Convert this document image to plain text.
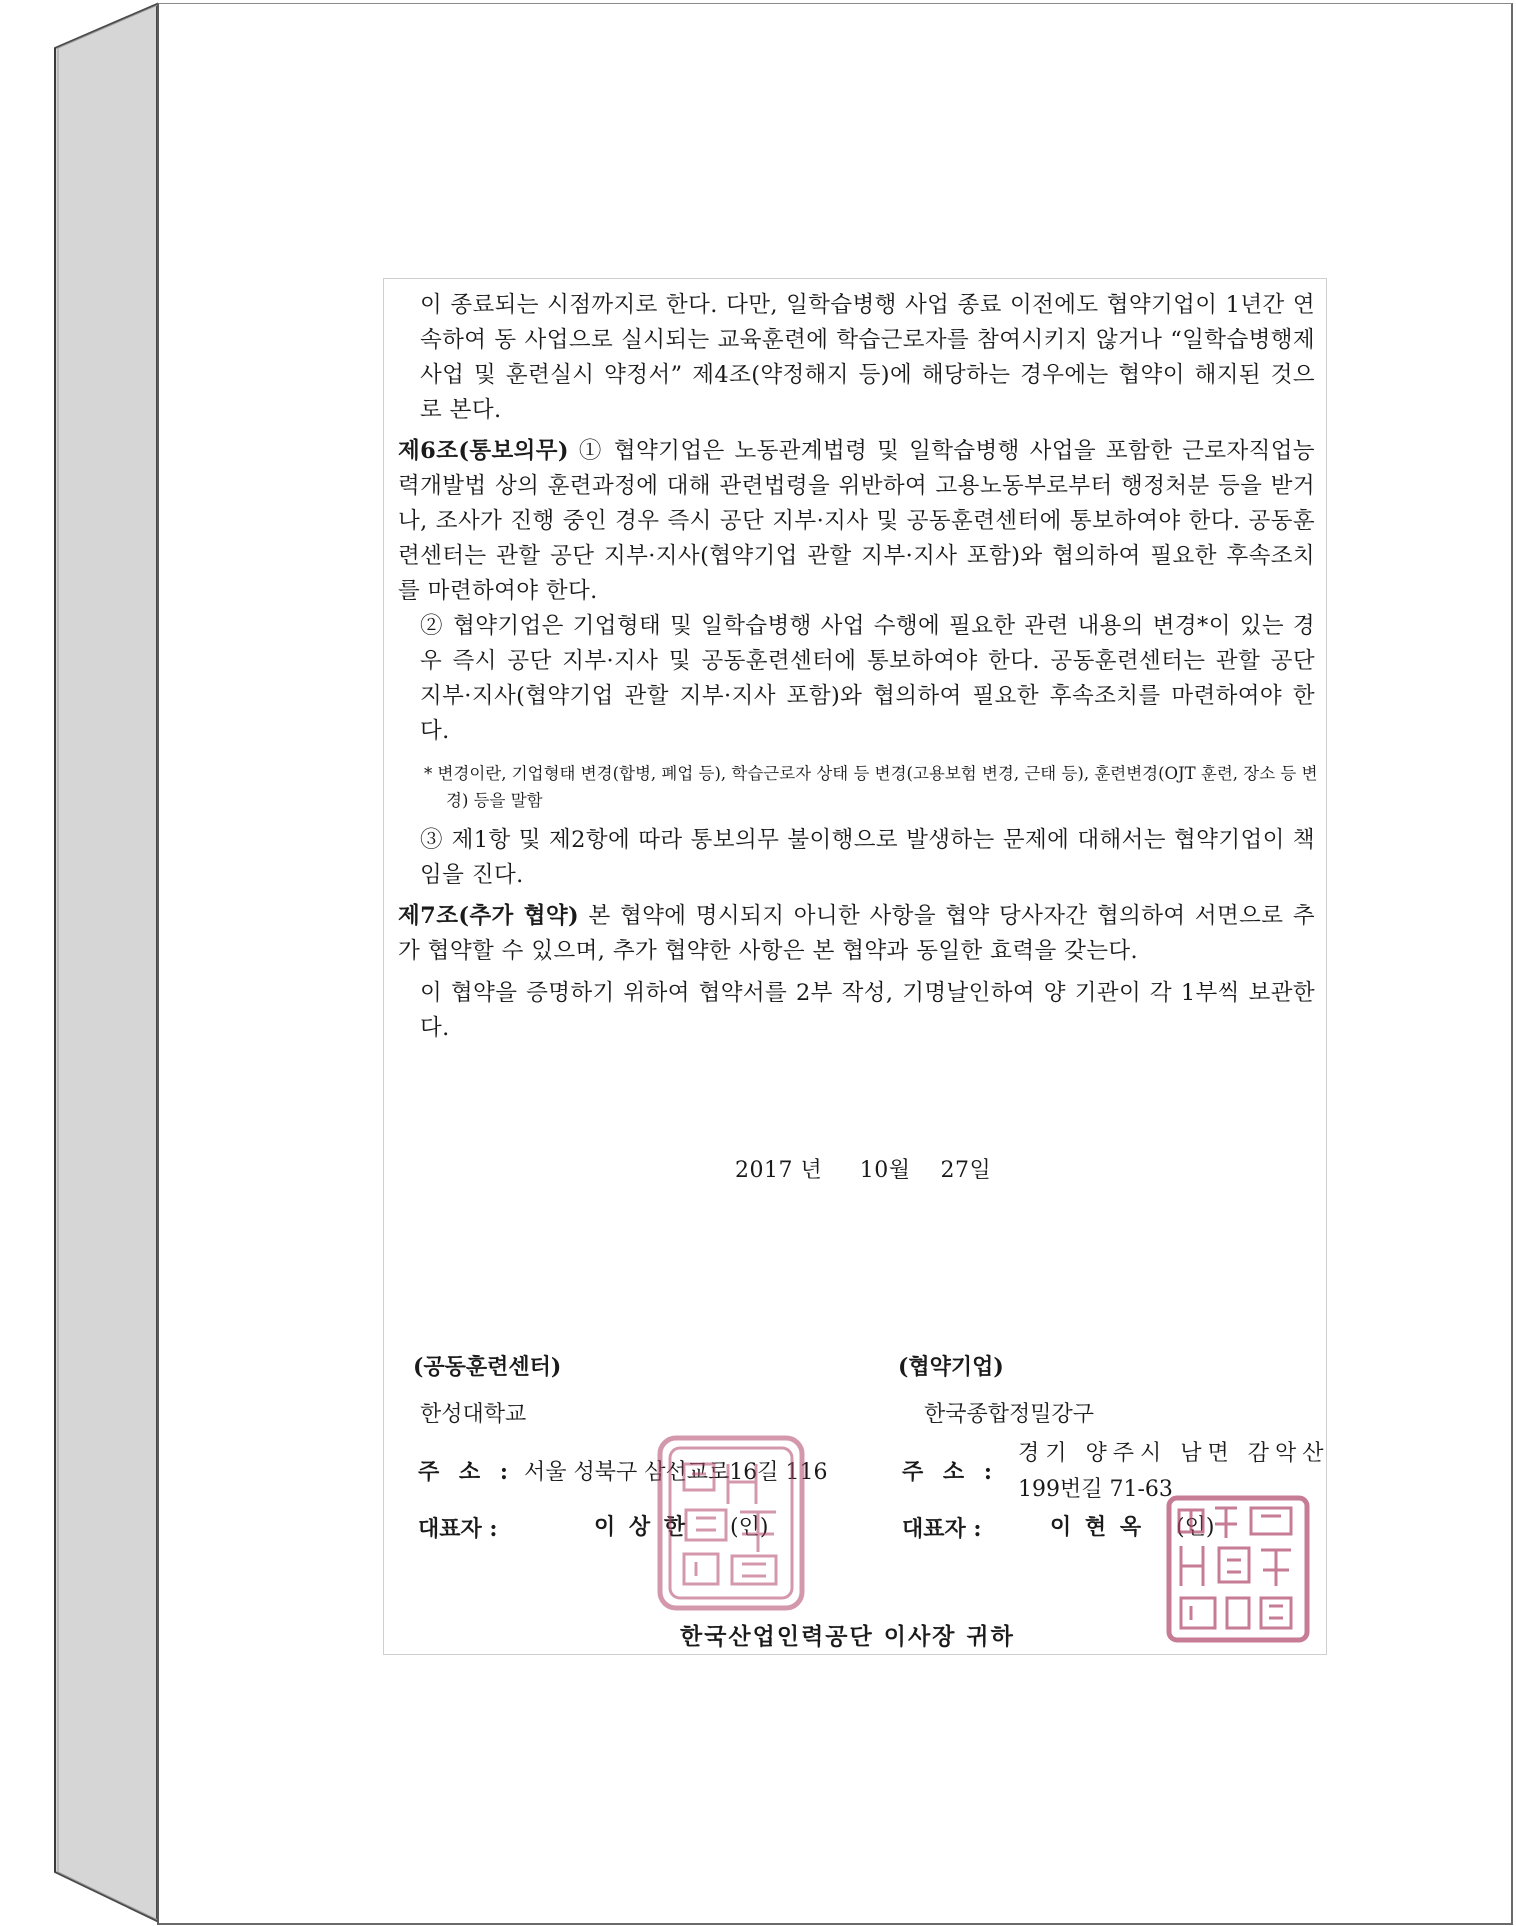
이 종료되는 시점까지로 한다. 다만, 일학습병행 사업 종료 이전에도 협약기업이 1년간 연속하여 동 사업으로 실시되는 교육훈련에 학습근로자를 참여시키지 않거나 “일학습병행제 사업 및 훈련실시 약정서” 제4조(약정해지 등)에 해당하는 경우에는 협약이 해지된 것으로 본다.
제6조(통보의무) ① 협약기업은 노동관계법령 및 일학습병행 사업을 포함한 근로자직업능력개발법 상의 훈련과정에 대해 관련법령을 위반하여 고용노동부로부터 행정처분 등을 받거나, 조사가 진행 중인 경우 즉시 공단 지부·지사 및 공동훈련센터에 통보하여야 한다. 공동훈련센터는 관할 공단 지부·지사(협약기업 관할 지부·지사 포함)와 협의하여 필요한 후속조치를 마련하여야 한다.
② 협약기업은 기업형태 및 일학습병행 사업 수행에 필요한 관련 내용의 변경*이 있는 경우 즉시 공단 지부·지사 및 공동훈련센터에 통보하여야 한다. 공동훈련센터는 관할 공단 지부·지사(협약기업 관할 지부·지사 포함)와 협의하여 필요한 후속조치를 마련하여야 한다.
* 변경이란, 기업형태 변경(합병, 폐업 등), 학습근로자 상태 등 변경(고용보험 변경, 근태 등), 훈련변경(OJT 훈련, 장소 등 변경) 등을 말함
③ 제1항 및 제2항에 따라 통보의무 불이행으로 발생하는 문제에 대해서는 협약기업이 책임을 진다.
제7조(추가 협약) 본 협약에 명시되지 아니한 사항을 협약 당사자간 협의하여 서면으로 추가 협약할 수 있으며, 추가 협약한 사항은 본 협약과 동일한 효력을 갖는다.
이 협약을 증명하기 위하여 협약서를 2부 작성, 기명날인하여 양 기관이 각 1부씩 보관한다.
2017 년 10월 27일
(공동훈련센터)
한성대학교
주 소 : 서울 성북구 삼선교로16길 116
대표자 :	이 상 한 (인)
(협약기업)
한국종합정밀강구
주 소 :
경기 양주시 남면 감악산
199번길 71-63
대표자 :	이 현 옥 (인)
한국산업인력공단 이사장 귀하
